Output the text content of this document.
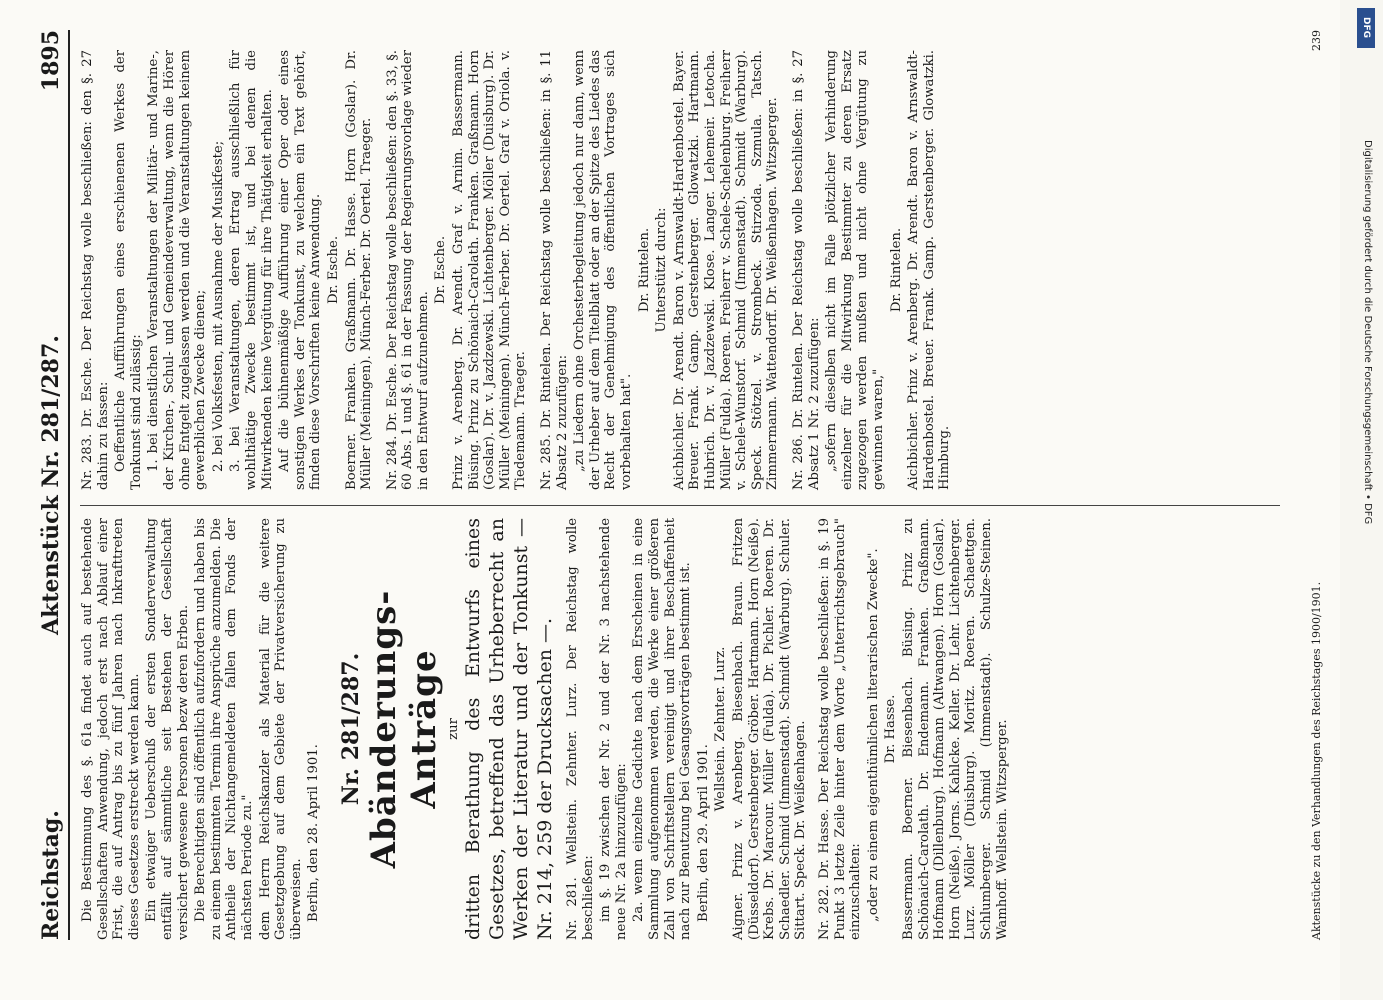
Reichstag.
Aktenstück Nr. 281/287.
1895

Die Bestimmung des §. 61a findet auch auf bestehende Gesellschaften Anwendung, jedoch erst nach Ablauf einer Frist, die auf Antrag bis zu fünf Jahren nach Inkrafttreten dieses Gesetzes erstreckt werden kann. Ein etwaiger Ueberschuß der ersten Sonderverwaltung entfällt auf sämmtliche seit Bestehen der Gesellschaft versichert gewesene Personen bezw deren Erben. Die Berechtigten sind öffentlich aufzufordern und haben bis zu einem bestimmten Termin ihre Ansprüche anzumelden. Die Antheile der Nichtangemeldeten fallen dem Fonds der nächsten Periode zu." dem Herrn Reichskanzler als Material für die weitere Gesetzgebung auf dem Gebiete der Privatversicherung zu überweisen. Berlin, den 28. April 1901.

Nr. 281/287. Abänderungs-Anträge zur dritten Berathung des Entwurfs eines Gesetzes, betreffend das Urheberrecht an Werken der Literatur und der Tonkunst — Nr. 214, 259 der Drucksachen —. Nr. 281. Wellstein. Zehnter. Lurz. Der Reichstag wolle beschließen: im §. 19 zwischen der Nr. 2 und der Nr. 3 nachstehende neue Nr. 2a hinzuzufügen: 2a. wenn einzelne Gedichte nach dem Erscheinen in eine Sammlung aufgenommen werden, die Werke einer größeren Zahl von Schriftstellern vereinigt und ihrer Beschaffenheit nach zur Benutzung bei Gesangsvorträgen bestimmt ist. Berlin, den 29. April 1901.

Wellstein. Zehnter. Lurz. Aigner. Prinz v. Arenberg. Biesenbach. Braun. Fritzen (Düsseldorf). Gerstenberger. Gröber. Hartmann. Horn (Neiße). Krebs. Dr. Marcour. Müller (Fulda). Dr. Pichler. Roeren. Dr. Schaedler. Schmid (Immenstadt). Schmidt (Warburg). Schuler. Sittart. Speck. Dr. Weißenhagen. Nr. 282. Dr. Hasse. Der Reichstag wolle beschließen: in §. 19 Punkt 3 letzte Zeile hinter dem Worte „Unterrichtsgebrauch" einzuschalten: „oder zu einem eigenthümlichen literarischen Zwecke". Dr. Hasse. Bassermann. Boerner. Biesenbach. Büsing. Prinz zu Schönaich-Carolath. Dr. Endemann. Franken. Graßmann. Hofmann (Dillenburg). Hofmann (Altwangen). Horn (Goslar). Horn (Neiße). Jorns. Kahlcke. Keller. Dr. Lehr. Lichtenberger. Lurz. Möller (Duisburg). Moritz. Roeren. Schaettgen. Schlumberger. Schmid (Immenstadt). Schulze-Steinen. Wamhoff. Wellstein. Witzsperger.

Nr. 283. Dr. Esche. Der Reichstag wolle beschließen: den §. 27 dahin zu fassen: Oeffentliche Aufführungen eines erschienenen Werkes der Tonkunst sind zulässig: 1. bei dienstlichen Veranstaltungen der Militär- und Marine-, der Kirchen-, Schul- und Gemeindeverwaltung, wenn die Hörer ohne Entgelt zugelassen werden und die Veranstaltungen keinem gewerblichen Zwecke dienen; 2. bei Volksfesten, mit Ausnahme der Musikfeste; 3. bei Veranstaltungen, deren Ertrag ausschließlich für wohlthätige Zwecke bestimmt ist, und bei denen die Mitwirkenden keine Vergütung für ihre Thätigkeit erhalten. Auf die bühnenmäßige Aufführung einer Oper oder eines sonstigen Werkes der Tonkunst, zu welchem ein Text gehört, finden diese Vorschriften keine Anwendung. Dr. Esche. Boerner. Franken. Graßmann. Dr. Hasse. Horn (Goslar). Dr. Müller (Meiningen). Münch-Ferber. Dr. Oertel. Traeger. Nr. 284. Dr. Esche. Der Reichstag wolle beschließen: den §. 33, §. 60 Abs. 1 und §. 61 in der Fassung der Regierungsvorlage wieder in den Entwurf aufzunehmen.

Dr. Esche. Prinz v. Arenberg. Dr. Arendt. Graf v. Arnim. Bassermann. Büsing. Prinz zu Schönaich-Carolath. Franken. Graßmann. Horn (Goslar). Dr. v. Jazdzewski. Lichtenberger. Möller (Duisburg). Dr. Müller (Meiningen). Münch-Ferber. Dr. Oertel. Graf v. Oriola. v. Tiedemann. Traeger. Nr. 285. Dr. Rintelen. Der Reichstag wolle beschließen: in §. 11 Absatz 2 zuzufügen: „zu Liedern ohne Orchesterbegleitung jedoch nur dann, wenn der Urheber auf dem Titelblatt oder an der Spitze des Liedes das Recht der Genehmigung des öffentlichen Vortrages sich vorbehalten hat".

Dr. Rintelen. Unterstützt durch: Aichbichler. Dr. Arendt. Baron v. Arnswaldt-Hardenbostel. Bayer. Breuer. Frank. Gamp. Gerstenberger. Glowatzki. Hartmann. Hubrich. Dr. v. Jazdzewski. Klose. Langer. Lehemeir. Letocha. Müller (Fulda). Roeren. Freiherr v. Schele-Schelenburg. Freiherr v. Schele-Wunstorf. Schmid (Immenstadt). Schmidt (Warburg). Speck. Stötzel. v. Strombeck. Stirzoda. Szmula. Tatsch. Zimmermann. Wattendorff. Dr. Weißenhagen. Witzsperger. Nr. 286. Dr. Rintelen. Der Reichstag wolle beschließen: in §. 27 Absatz 1 Nr. 2 zuzufügen: „sofern dieselben nicht im Falle plötzlicher Verhinderung einzelner für die Mitwirkung Bestimmter zu deren Ersatz zugezogen werden mußten und nicht ohne Vergütung zu gewinnen waren,"

Dr. Rintelen. Aichbichler. Prinz v. Arenberg. Dr. Arendt. Baron v. Arnswaldt-Hardenbostel. Breuer. Frank. Gamp. Gerstenberger. Glowatzki. Himburg.

Aktenstücke zu den Verhandlungen des Reichstages 1900/1901.
239
DFG
Digitalisierung gefördert durch die Deutsche Forschungsgemeinschaft • DFG
